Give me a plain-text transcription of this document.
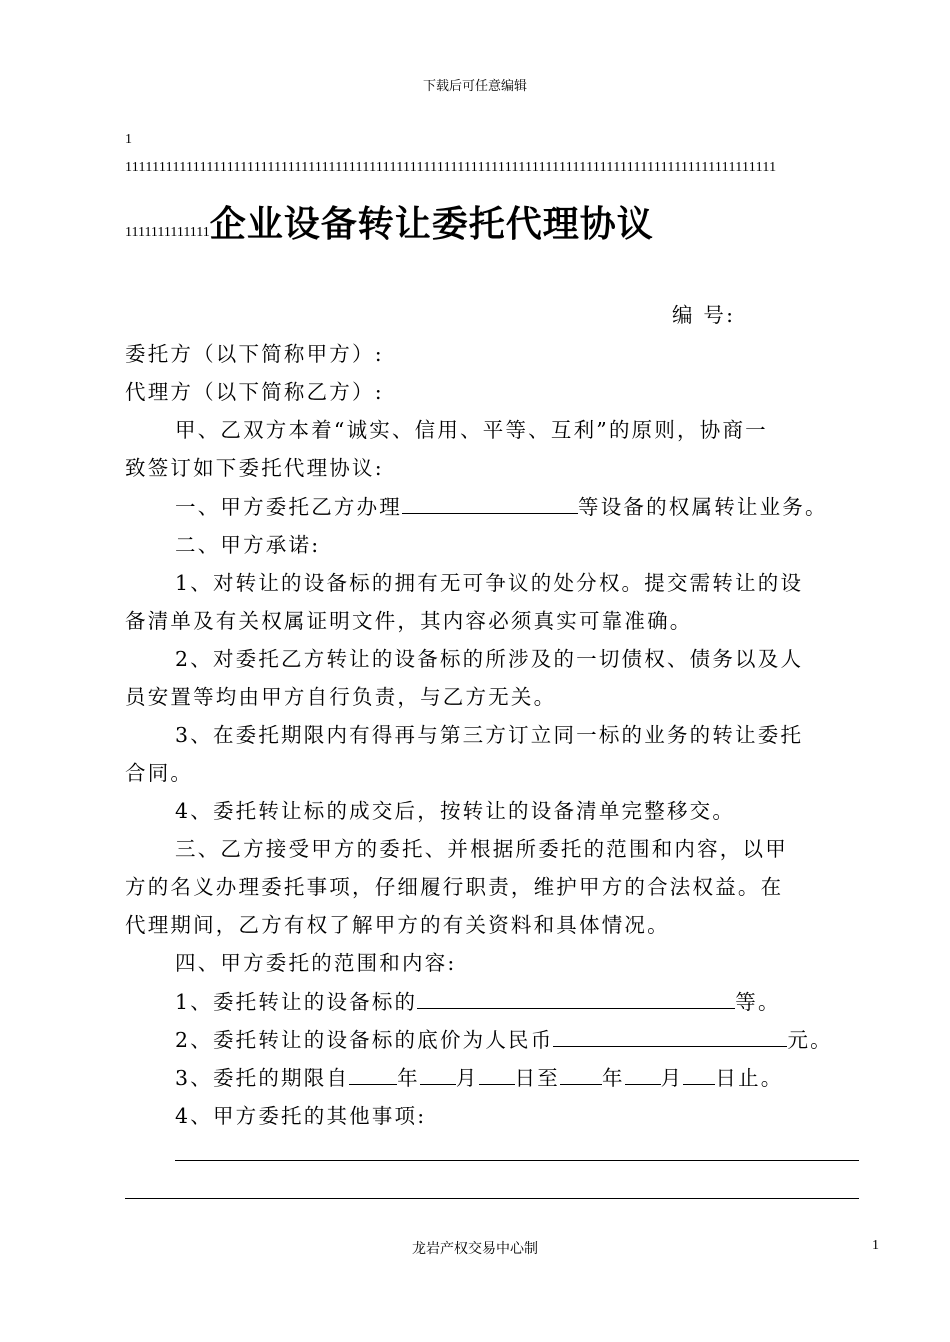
下载后可任意编辑
1
111111111111111111111111111111111111111111111111111111111111111111111111111111111111111111111111
1111111111111企业设备转让委托代理协议
编 号:
委托方（以下简称甲方）:
代理方（以下简称乙方）:
甲、乙双方本着“诚实、信用、平等、互利”的原则，协商一
致签订如下委托代理协议:
一、甲方委托乙方办理	等设备的权属转让业务。
二、甲方承诺:
1、对转让的设备标的拥有无可争议的处分权。提交需转让的设
备清单及有关权属证明文件，其内容必须真实可靠准确。
2、对委托乙方转让的设备标的所涉及的一切债权、债务以及人
员安置等均由甲方自行负责，与乙方无关。
3、在委托期限内有得再与第三方订立同一标的业务的转让委托
合同。
4、委托转让标的成交后，按转让的设备清单完整移交。
三、乙方接受甲方的委托、并根据所委托的范围和内容，以甲
方的名义办理委托事项，仔细履行职责，维护甲方的合法权益。在
代理期间，乙方有权了解甲方的有关资料和具体情况。
四、甲方委托的范围和内容:
1、委托转让的设备标的	等。
2、委托转让的设备标的底价为人民币	元。
3、委托的期限自 年 月 日至 年 月 日止。
4、甲方委托的其他事项:
龙岩产权交易中心制	1
